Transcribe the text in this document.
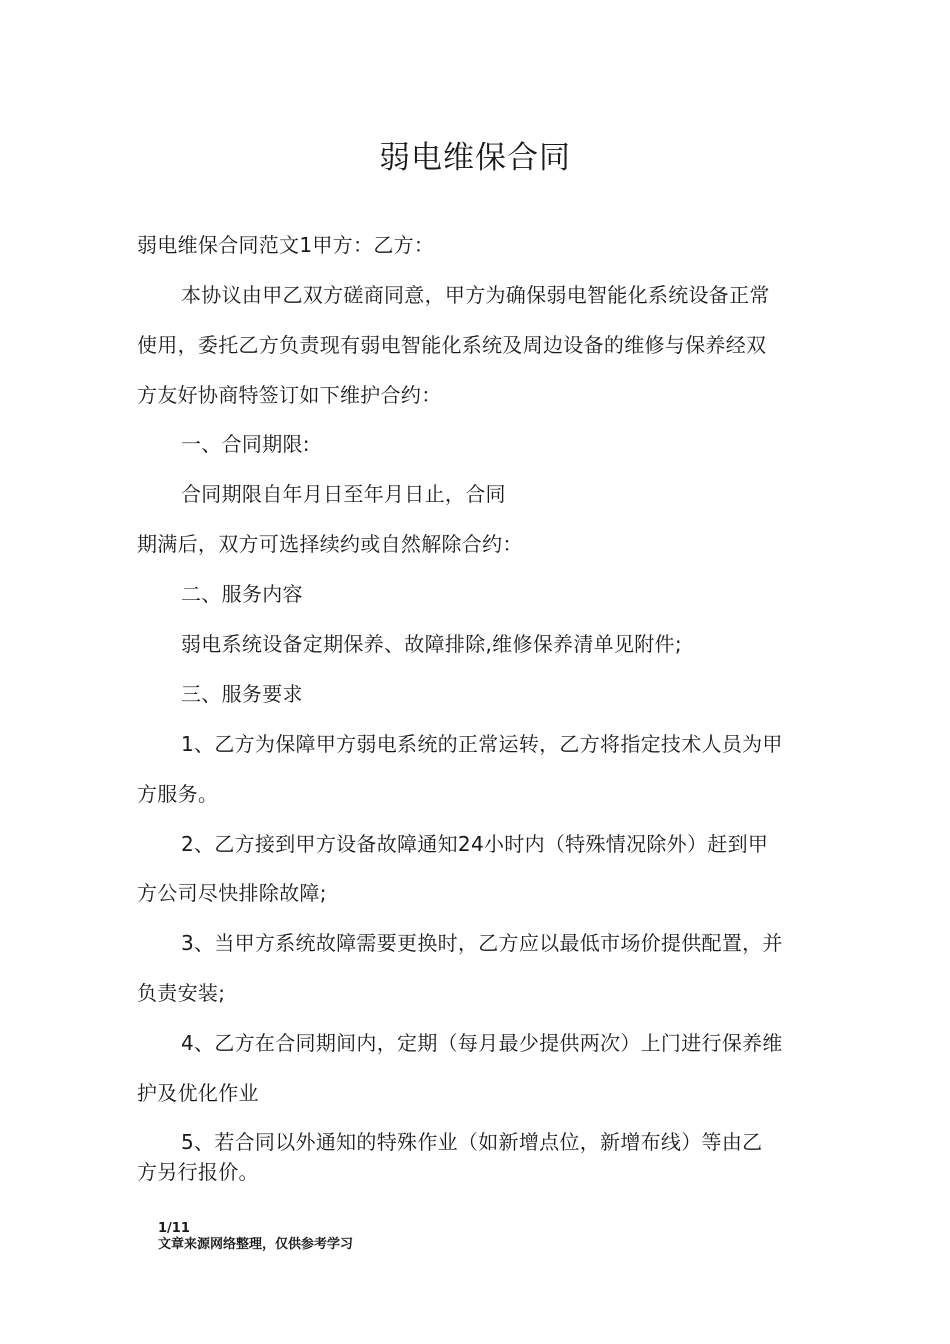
弱电维保合同
弱电维保合同范文1甲方：乙方：
本协议由甲乙双方磋商同意，甲方为确保弱电智能化系统设备正常
使用，委托乙方负责现有弱电智能化系统及周边设备的维修与保养经双
方友好协商特签订如下维护合约：
一、合同期限:
合同期限自年月日至年月日止，合同
期满后，双方可选择续约或自然解除合约：
二、服务内容
弱电系统设备定期保养、故障排除,维修保养清单见附件;
三、服务要求
1、乙方为保障甲方弱电系统的正常运转，乙方将指定技术人员为甲
方服务。
2、乙方接到甲方设备故障通知24小时内（特殊情况除外）赶到甲
方公司尽快排除故障;
3、当甲方系统故障需要更换时，乙方应以最低市场价提供配置，并
负责安装;
4、乙方在合同期间内，定期（每月最少提供两次）上门进行保养维
护及优化作业
5、若合同以外通知的特殊作业（如新增点位，新增布线）等由乙
方另行报价。
1/11
文章来源网络整理，仅供参考学习
